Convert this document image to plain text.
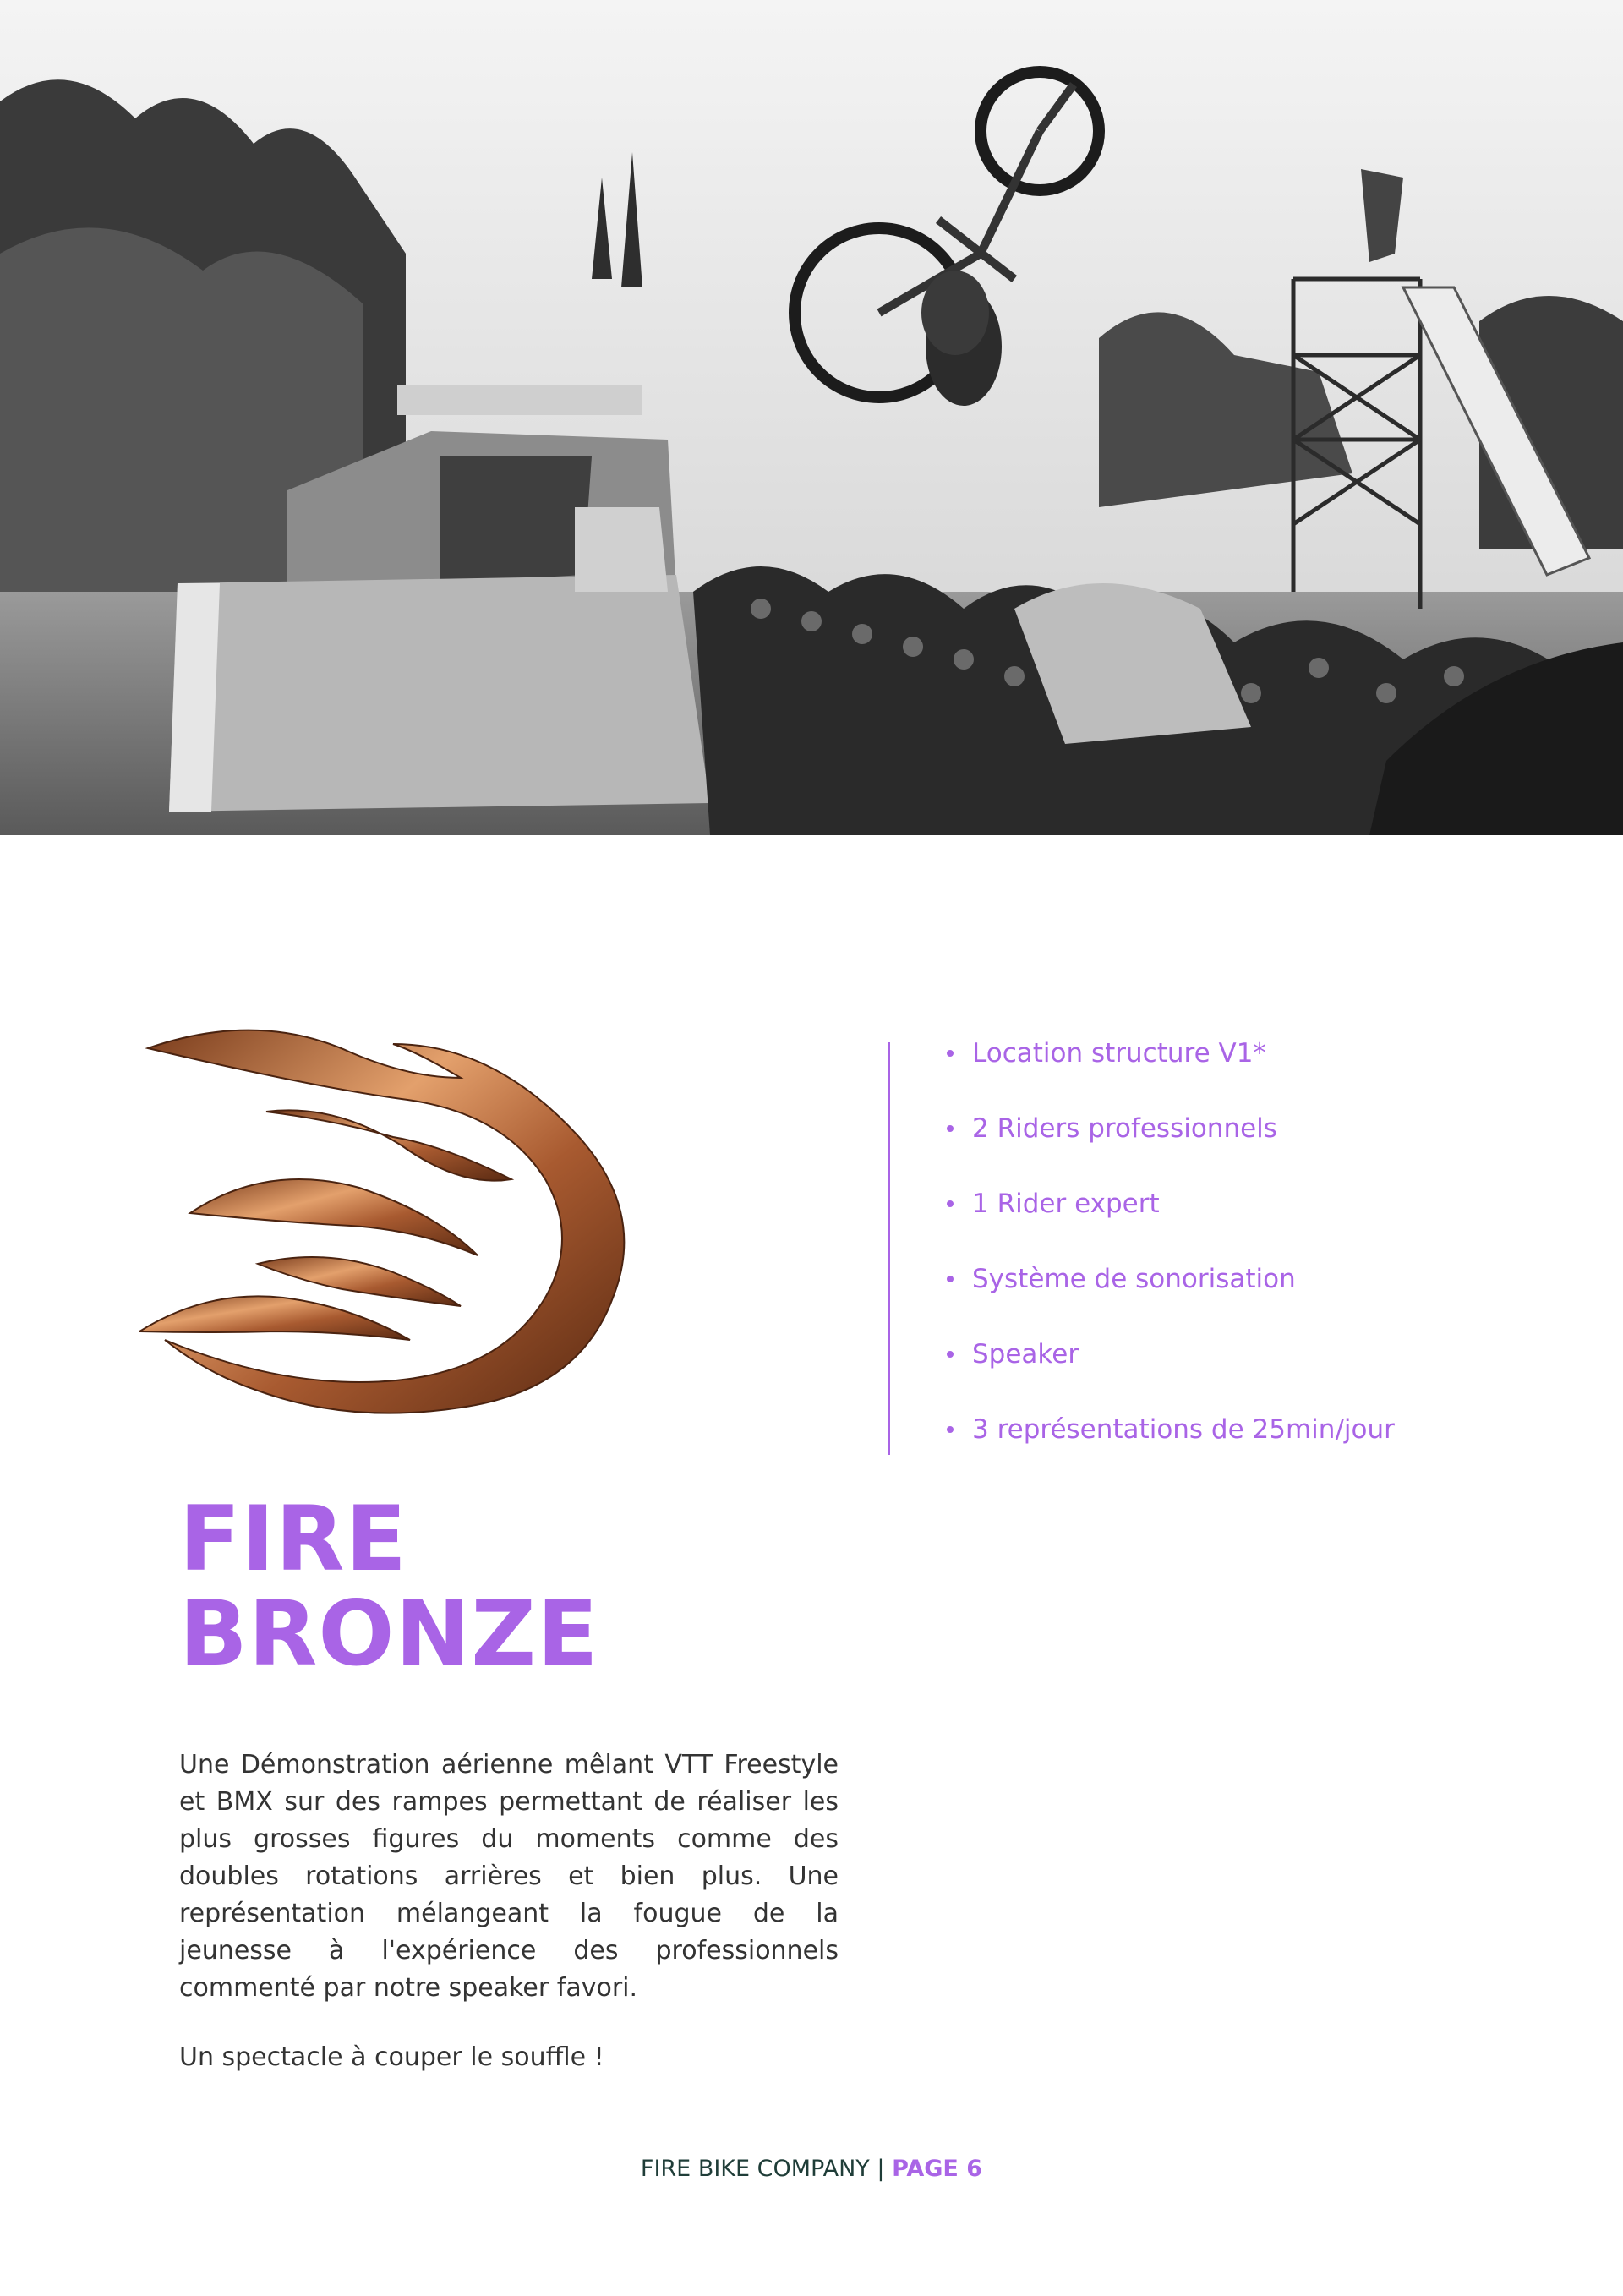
Location structure V1*
2 Riders professionnels
1 Rider expert
Système de sonorisation
Speaker
3 représentations de 25min/jour
FIRE
BRONZE

Une Démonstration aérienne mêlant VTT Freestyle et BMX sur des rampes permettant de réaliser les plus grosses figures du moments comme des doubles rotations arrières et bien plus. Une représentation mélangeant la fougue de la jeunesse à l'expérience des professionnels commenté par notre speaker favori.

Un spectacle à couper le souffle !

FIRE BIKE COMPANY | PAGE 6
